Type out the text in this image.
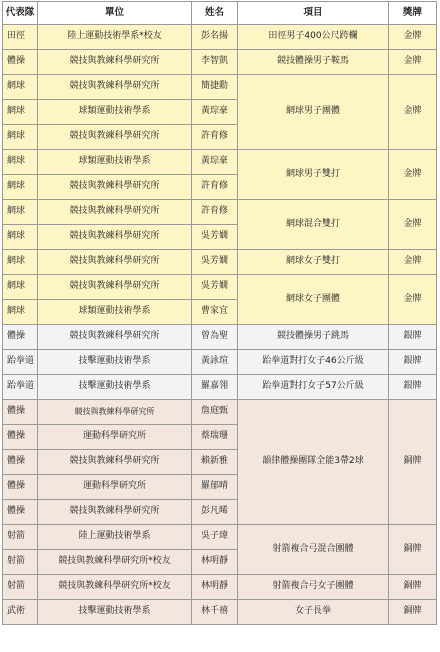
代表隊	單位	姓名	項目	獎牌
田徑	陸上運動技術學系*校友	彭名揚	田徑男子400公尺跨欄	金牌
體操	競技與教練科學研究所	李智凱	競技體操男子鞍馬	金牌
網球	競技與教練科學研究所	簡捷勳	網球男子團體	金牌
網球	球類運動技術學系	黃琮豪		
網球	競技與教練科學研究所	許育修		
網球	球類運動技術學系	黃琮豪	網球男子雙打	金牌
網球	競技與教練科學研究所	許育修		
網球	競技與教練科學研究所	許育修	網球混合雙打	金牌
網球	競技與教練科學研究所	吳芳嫺		
網球	競技與教練科學研究所	吳芳嫺	網球女子雙打	金牌
網球	競技與教練科學研究所	吳芳嫺	網球女子團體	金牌
網球	球類運動技術學系	曹家宜		
體操	競技與教練科學研究所	曾為聖	競技體操男子跳馬	銀牌
跆拳道	技擊運動技術學系	黃詠瑄	跆拳道對打女子46公斤級	銀牌
跆拳道	技擊運動技術學系	羅嘉翎	跆拳道對打女子57公斤級	銀牌
體操	競技與教練科學研究所	詹庭甄	韻律體操團隊全能3帶2球	銅牌
體操	運動科學研究所	蔡瑞珊		
體操	競技與教練科學研究所	賴新雅		
體操	運動科學研究所	羅郁晴		
體操	競技與教練科學研究所	彭凡晞		
射箭	陸上運動技術學系	吳子瑋	射箭複合弓混合團體	銅牌
射箭	競技與教練科學研究所*校友	林明靜		
射箭	競技與教練科學研究所*校友	林明靜	射箭複合弓女子團體	銅牌
武術	技擊運動技術學系	林千禧	女子長拳	銅牌
